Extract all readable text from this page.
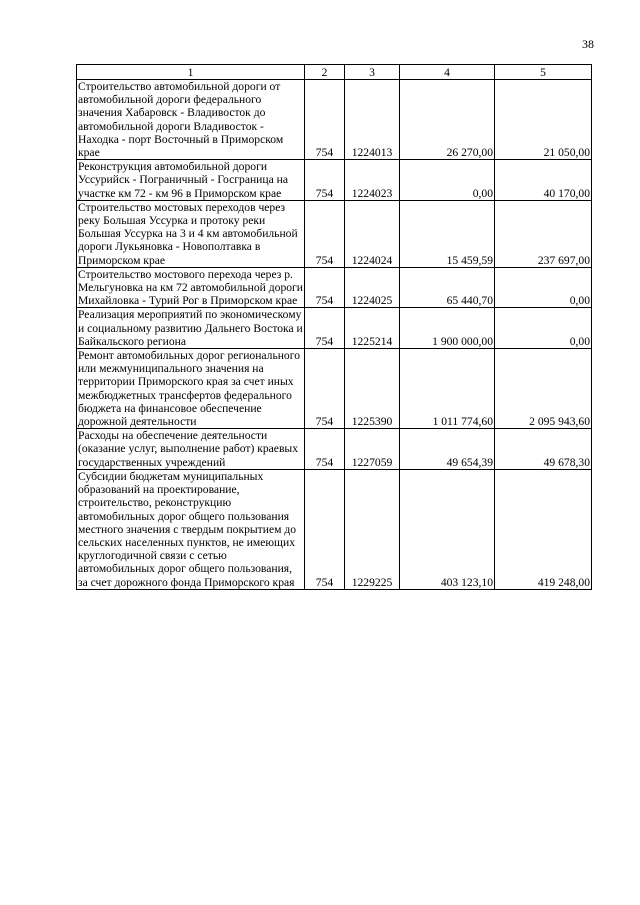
38
1	2	3	4	5
Строительство автомобильной дороги от автомобильной дороги федерального значения Хабаровск - Владивосток до автомобильной дороги Владивосток - Находка - порт Восточный в Приморском крае	754	1224013	26 270,00	21 050,00
Реконструкция автомобильной дороги Уссурийск - Пограничный - Госграница на участке км 72 - км 96 в Приморском крае	754	1224023	0,00	40 170,00
Строительство мостовых переходов через реку Большая Уссурка и протоку реки Большая Уссурка на 3 и 4 км автомобильной дороги Лукьяновка - Новополтавка в Приморском крае	754	1224024	15 459,59	237 697,00
Строительство мостового перехода через р. Мельгуновка на км 72 автомобильной дороги Михайловка - Турий Рог в Приморском крае	754	1224025	65 440,70	0,00
Реализация мероприятий по экономическому и социальному развитию Дальнего Востока и Байкальского региона	754	1225214	1 900 000,00	0,00
Ремонт автомобильных дорог регионального или межмуниципального значения на территории Приморского края за счет иных межбюджетных трансфертов федерального бюджета на финансовое обеспечение дорожной деятельности	754	1225390	1 011 774,60	2 095 943,60
Расходы на обеспечение деятельности (оказание услуг, выполнение работ) краевых государственных учреждений	754	1227059	49 654,39	49 678,30
Субсидии бюджетам муниципальных образований на проектирование, строительство, реконструкцию автомобильных дорог общего пользования местного значения с твердым покрытием до сельских населенных пунктов, не имеющих круглогодичной связи с сетью автомобильных дорог общего пользования, за счет дорожного фонда Приморского края	754	1229225	403 123,10	419 248,00
